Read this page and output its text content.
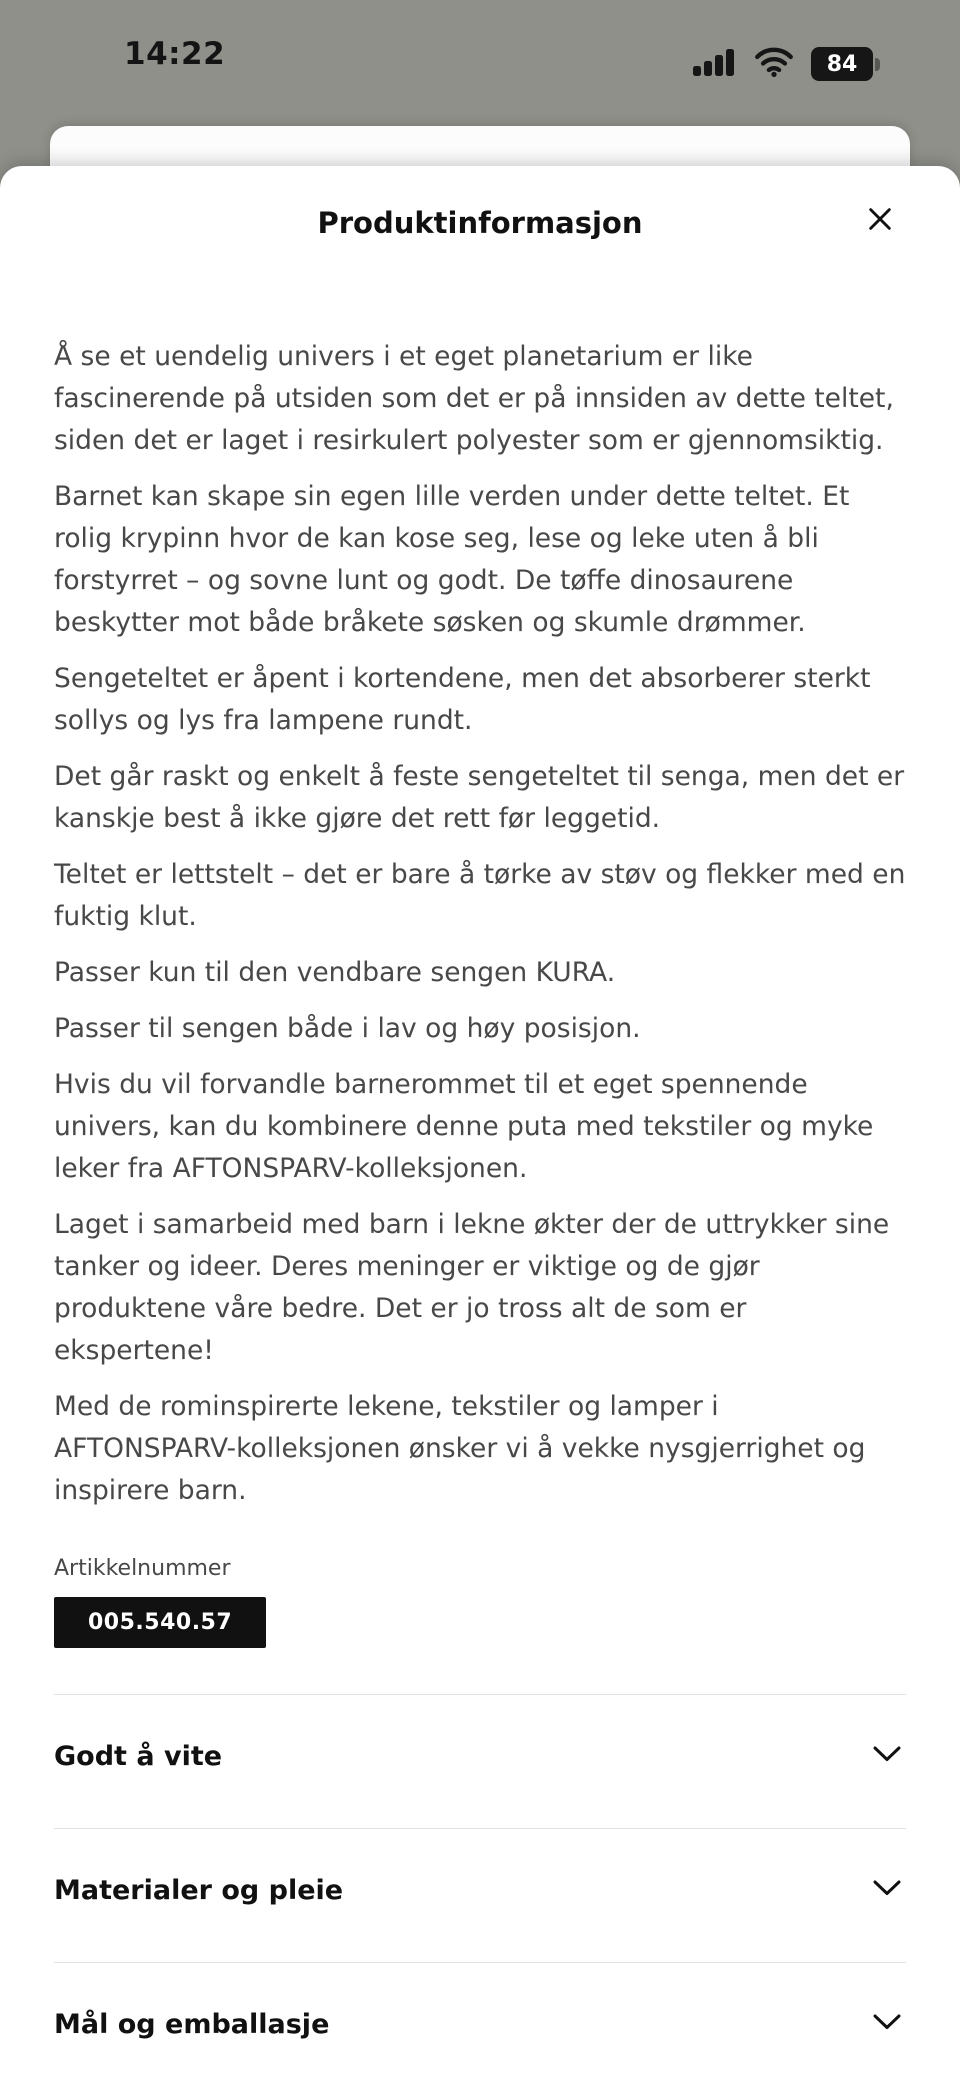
14:22	84
Produktinformasjon

Å se et uendelig univers i et eget planetarium er like fascinerende på utsiden som det er på innsiden av dette teltet, siden det er laget i resirkulert polyester som er gjennomsiktig.

Barnet kan skape sin egen lille verden under dette teltet. Et rolig krypinn hvor de kan kose seg, lese og leke uten å bli forstyrret – og sovne lunt og godt. De tøffe dinosaurene beskytter mot både bråkete søsken og skumle drømmer.

Sengeteltet er åpent i kortendene, men det absorberer sterkt sollys og lys fra lampene rundt.

Det går raskt og enkelt å feste sengeteltet til senga, men det er kanskje best å ikke gjøre det rett før leggetid.

Teltet er lettstelt – det er bare å tørke av støv og flekker med en fuktig klut.

Passer kun til den vendbare sengen KURA.

Passer til sengen både i lav og høy posisjon.

Hvis du vil forvandle barnerommet til et eget spennende univers, kan du kombinere denne puta med tekstiler og myke leker fra AFTONSPARV-kolleksjonen.

Laget i samarbeid med barn i lekne økter der de uttrykker sine tanker og ideer. Deres meninger er viktige og de gjør produktene våre bedre. Det er jo tross alt de som er ekspertene!

Med de rominspirerte lekene, tekstiler og lamper i AFTONSPARV-kolleksjonen ønsker vi å vekke nysgjerrighet og inspirere barn.

Artikkelnummer
005.540.57
Godt å vite
Materialer og pleie
Mål og emballasje
